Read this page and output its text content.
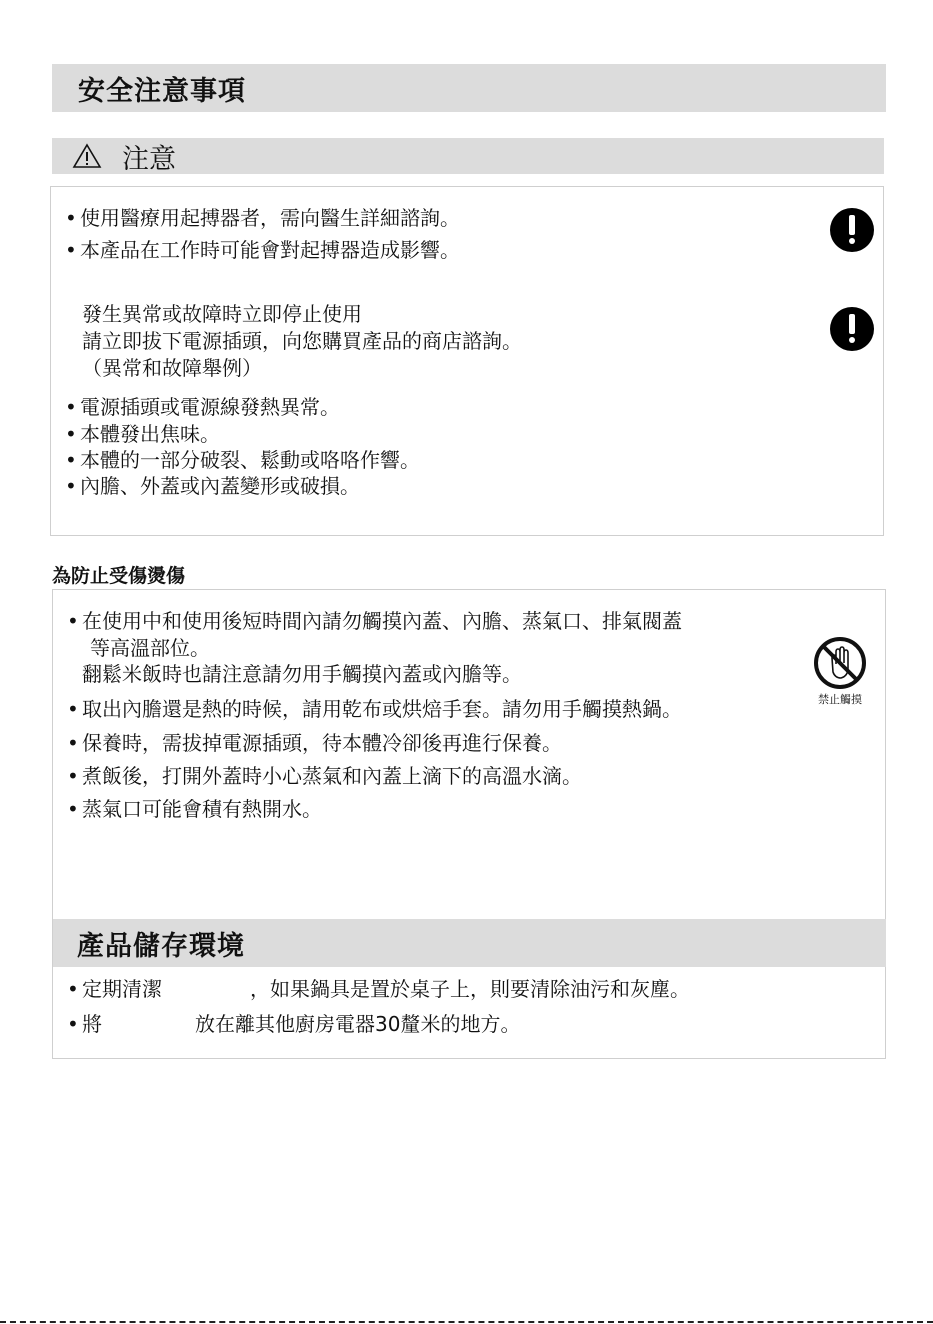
安全注意事項
注意
• 使用醫療用起搏器者，需向醫生詳細諮詢。
• 本產品在工作時可能會對起搏器造成影響。
發生異常或故障時立即停止使用
請立即拔下電源插頭，向您購買產品的商店諮詢。
（異常和故障舉例）
• 電源插頭或電源線發熱異常。
• 本體發出焦味。
• 本體的一部分破裂、鬆動或咯咯作響。
• 內膽、外蓋或內蓋變形或破損。
為防止受傷燙傷
• 在使用中和使用後短時間內請勿觸摸內蓋、內膽、蒸氣口、排氣閥蓋
等高溫部位。
翻鬆米飯時也請注意請勿用手觸摸內蓋或內膽等。
• 取出內膽還是熱的時候，請用乾布或烘焙手套。請勿用手觸摸熱鍋。
• 保養時，需拔掉電源插頭，待本體冷卻後再進行保養。
• 煮飯後，打開外蓋時小心蒸氣和內蓋上滴下的高溫水滴。
• 蒸氣口可能會積有熱開水。
禁止觸摸
產品儲存環境
• 定期清潔	，如果鍋具是置於桌子上，則要清除油污和灰塵。
• 將	放在離其他廚房電器30釐米的地方。
